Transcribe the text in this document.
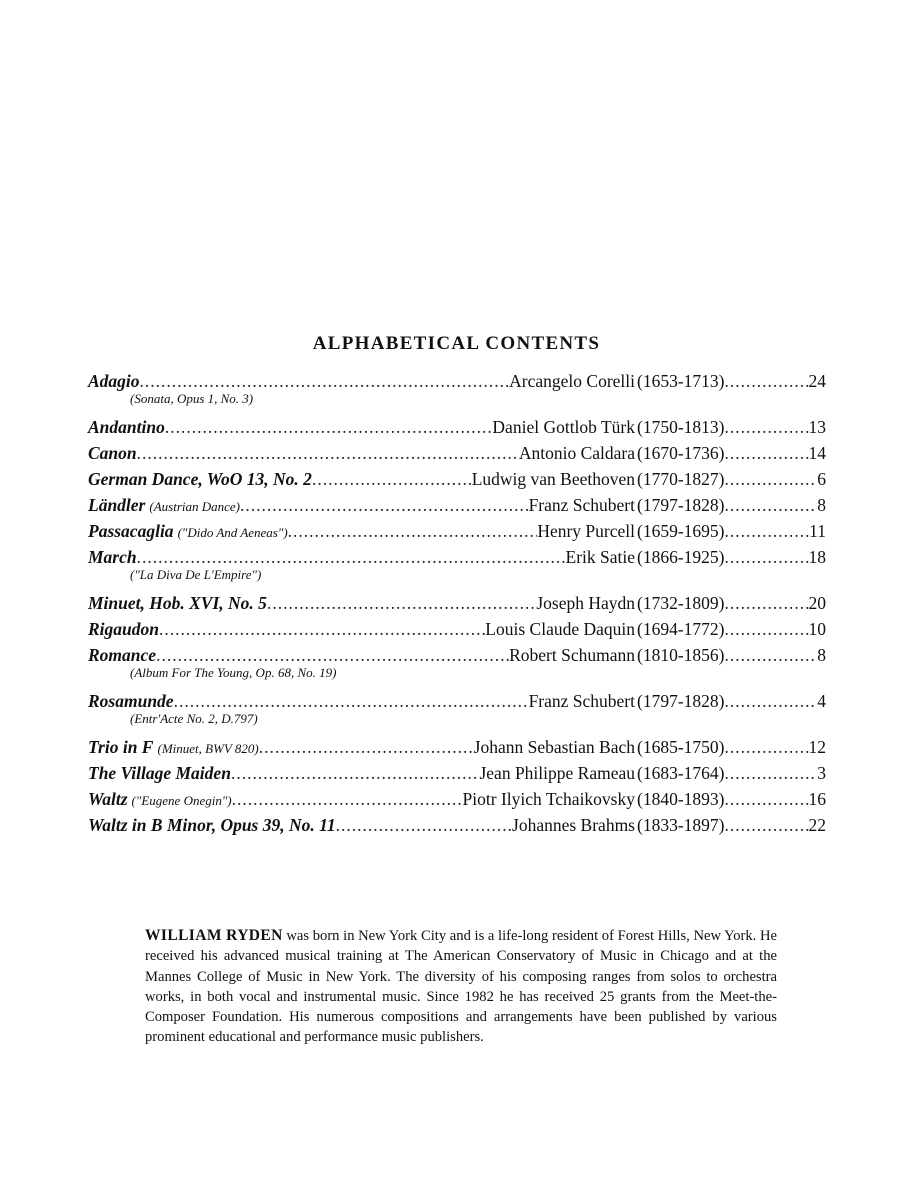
ALPHABETICAL CONTENTS
Adagio .....	Arcangelo Corelli (1653-1713) .....	24
(Sonata, Opus 1, No. 3)
Andantino .....	Daniel Gottlob Türk (1750-1813) .....	13
Canon .....	Antonio Caldara (1670-1736) .....	14
German Dance, WoO 13, No. 2 .....	Ludwig van Beethoven (1770-1827) .....	6
Ländler (Austrian Dance) .....	Franz Schubert (1797-1828) .....	8
Passacaglia ("Dido And Aeneas") .....	Henry Purcell (1659-1695) .....	11
March .....	Erik Satie (1866-1925) .....	18
("La Diva De L'Empire")
Minuet, Hob. XVI, No. 5 .....	Joseph Haydn (1732-1809) .....	20
Rigaudon .....	Louis Claude Daquin (1694-1772) .....	10
Romance .....	Robert Schumann (1810-1856) .....	8
(Album For The Young, Op. 68, No. 19)
Rosamunde .....	Franz Schubert (1797-1828) .....	4
(Entr'Acte No. 2, D.797)
Trio in F (Minuet, BWV 820) .....	Johann Sebastian Bach (1685-1750) .....	12
The Village Maiden .....	Jean Philippe Rameau (1683-1764) .....	3
Waltz ("Eugene Onegin") .....	Piotr Ilyich Tchaikovsky (1840-1893) .....	16
Waltz in B Minor, Opus 39, No. 11 .....	Johannes Brahms (1833-1897) .....	22

WILLIAM RYDEN was born in New York City and is a life-long resident of Forest Hills, New York. He received his advanced musical training at The American Conservatory of Music in Chicago and at the Mannes College of Music in New York. The diversity of his composing ranges from solos to orchestra works, in both vocal and instrumental music. Since 1982 he has received 25 grants from the Meet-the-Composer Foundation. His numerous compositions and arrangements have been published by various prominent educational and performance music publishers.
